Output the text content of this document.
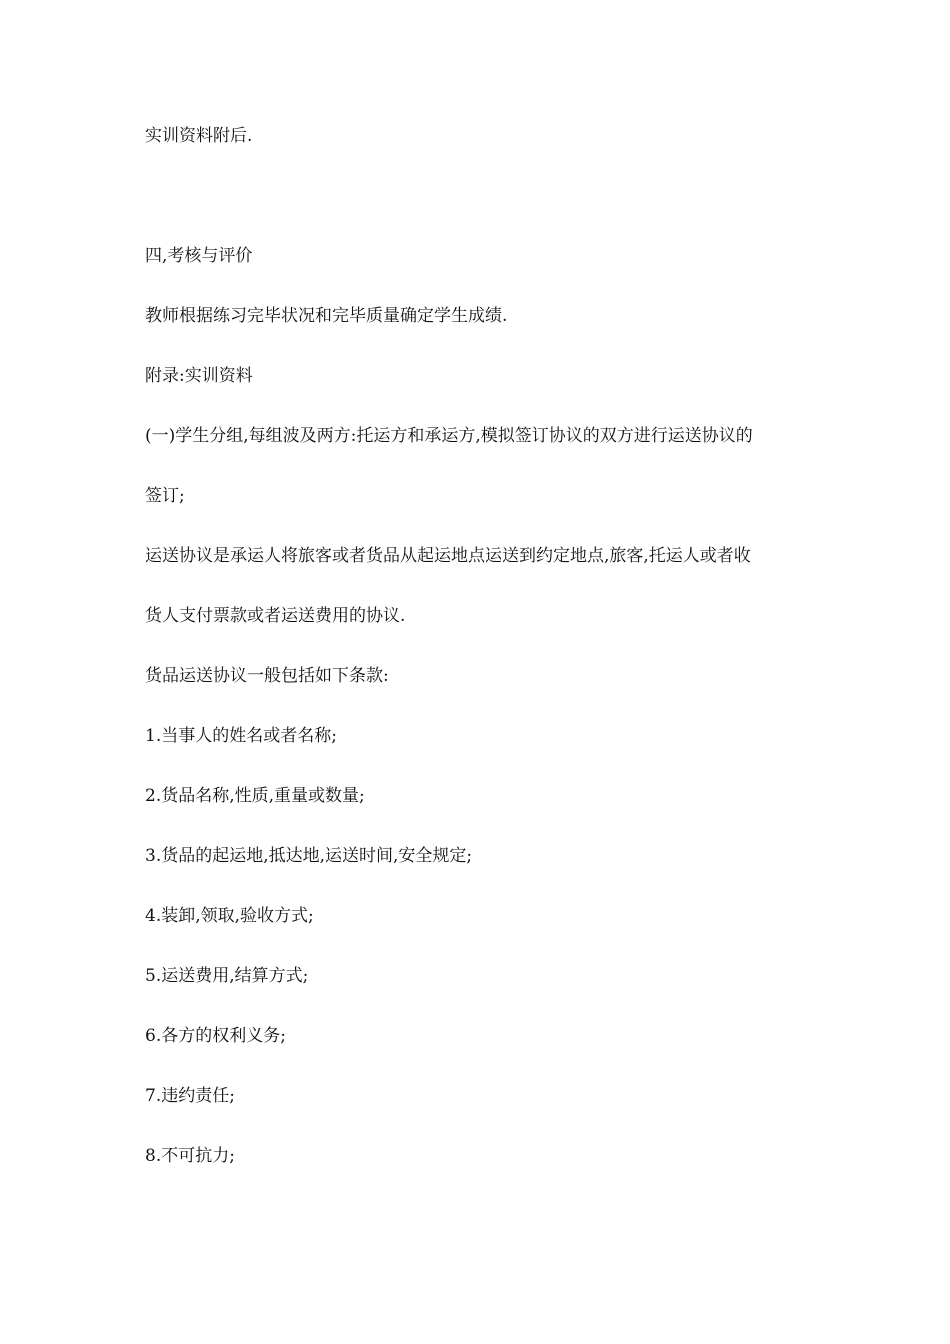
实训资料附后.

四,考核与评价

教师根据练习完毕状况和完毕质量确定学生成绩.

附录:实训资料

(一)学生分组,每组波及两方:托运方和承运方,模拟签订协议的双方进行运送协议的

签订;

运送协议是承运人将旅客或者货品从起运地点运送到约定地点,旅客,托运人或者收

货人支付票款或者运送费用的协议.

货品运送协议一般包括如下条款:

1.当事人的姓名或者名称;

2.货品名称,性质,重量或数量;

3.货品的起运地,抵达地,运送时间,安全规定;

4.装卸,领取,验收方式;

5.运送费用,结算方式;

6.各方的权利义务;

7.违约责任;

8.不可抗力;
